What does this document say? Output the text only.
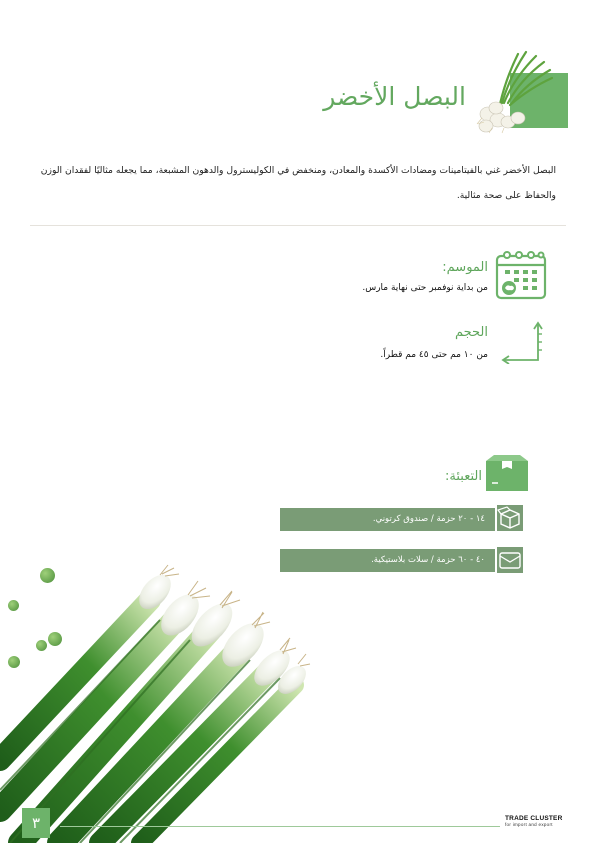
البصل الأخضر
البصل الأخضر غني بالفيتامينات ومضادات الأكسدة والمعادن، ومنخفض في الكوليسترول والدهون المشبعة، مما يجعله مثاليًا لفقدان الوزن والحفاظ على صحة مثالية.
الموسم:
من بداية نوفمبر حتى نهاية مارس.
الحجم
من ١٠ مم حتى ٤٥ مم قطراً.
التعبئة:
١٤ - ٢٠ حزمة / صندوق كرتوني.
٤٠ - ٦٠ حزمة / سلات بلاستيكية.
٣	TRADE CLUSTER
for import and export
